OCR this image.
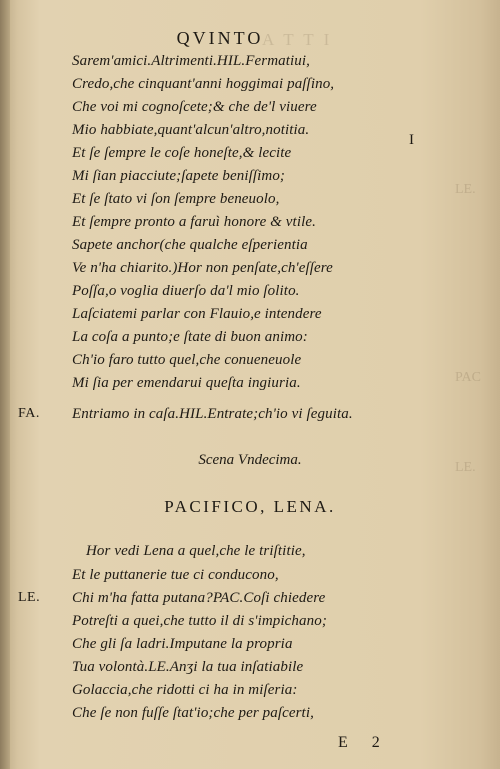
A T T I
LE.
PAC
LE.
QVINTO
I
Sarem'amici.Altrimenti.HIL.Fermatiui,
Credo,che cinquant'anni hoggimai paſſino,
Che voi mi cognoſcete;& che de'l viuere
Mio habbiate,quant'alcun'altro,notitia.
Et ſe ſempre le coſe honeſte,& lecite
Mi ſian piacciute;ſapete beniſſimo;
Et ſe ſtato vi ſon ſempre beneuolo,
Et ſempre pronto a faruì honore & vtile.
Sapete anchor(che qualche eſperientia
Ve n'ha chiarito.)Hor non penſate,ch'eſſere
Poſſa,o voglia diuerſo da'l mio ſolito.
Laſciatemi parlar con Flauio,e intendere
La coſa a punto;e ſtate di buon animo:
Ch'io faro tutto quel,che conueneuole
Mi ſia per emendarui queſta ingiuria.
Entriamo in caſa.HIL.Entrate;ch'io vi ſeguita.
FA.
Scena Vndecima.
PACIFICO, LENA.
Hor vedi Lena a quel,che le triſtitie,
Et le puttanerie tue ci conducono,
Chi m'ha fatta putana?PAC.Coſi chiedere
Potreſti a quei,che tutto il di s'impichano;
Che gli ſa ladri.Imputane la propria
Tua volontà.LE.Anʒi la tua inſatiabile
Golaccia,che ridotti ci ha in miſeria:
Che ſe non fuſſe ſtat'io;che per paſcerti,
LE.
E 2
